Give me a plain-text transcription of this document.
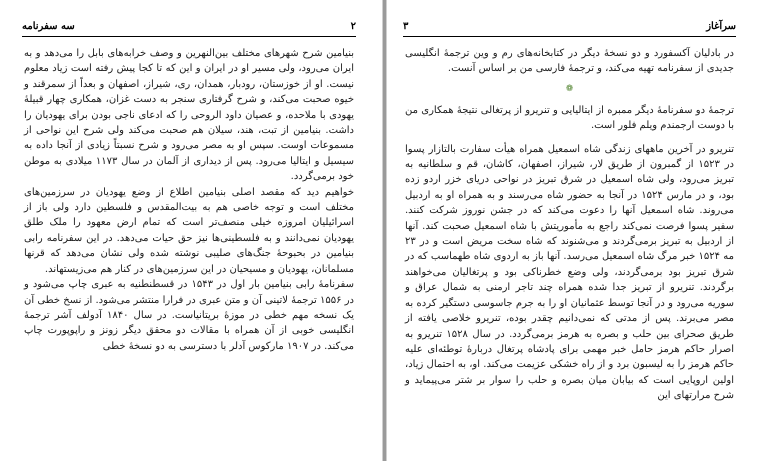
۲
سه سفرنامه

بنیامین شرح شهرهای مختلف بین‌النهرین و وصف خرابه‌های بابل را می‌دهد و به ایران می‌رود، ولی مسیر او در ایران و این که تا کجا پیش رفته است زیاد معلوم نیست. او از خوزستان، رودبار، همدان، ری، شیراز، اصفهان و بعداً از سمرقند و خیوه صحبت می‌کند، و شرح گرفتاری سنجر به دست غزان، همکاری چهار قبیلهٔ یهودی با ملاحده، و عصیان داود الروحی را که ادعای ناجی بودن برای یهودیان را داشت. بنیامین از تبت، هند، سیلان هم صحبت می‌کند ولی شرح این نواحی از مسموعات اوست. سپس او به مصر می‌رود و شرح نسبتاً زیادی از آنجا داده به سیسیل و ایتالیا می‌رود. پس از دیداری از آلمان در سال ۱۱۷۳ میلادی به موطن خود برمی‌گردد.

خواهیم دید که مقصد اصلی بنیامین اطلاع از وضع یهودیان در سرزمین‌های مختلف است و توجه خاصی هم به بیت‌المقدس و فلسطین دارد ولی باز از اسرائیلیان امروزه خیلی منصف‌تر است که تمام ارض معهود را ملک طلق یهودیان نمی‌دانند و به فلسطینی‌ها نیز حق حیات می‌دهد. در این سفرنامه رابی بنیامین در بحبوحهٔ جنگ‌های صلیبی نوشته شده ولی نشان می‌دهد که قرنها مسلمانان، یهودیان و مسیحیان در این سرزمین‌های در کنار هم می‌زیستهاند.

سفرنامهٔ رابی بنیامین بار اول در ۱۵۴۳ در قسطنطنیه به عبری چاپ می‌شود و در ۱۵۵۶ ترجمهٔ لاتینی آن و متن عبری در فرارا منتشر می‌شود. از نسخ خطی آن یک نسخه مهم خطی در موزهٔ بریتانیاست. در سال ۱۸۴۰ آدولف آشر ترجمهٔ انگلیسی خوبی از آن همراه با مقالات دو محقق دیگر زونز و راپوپورت چاپ می‌کند. در ۱۹۰۷ مارکوس آدلر با دسترسی به دو نسخهٔ خطی

سرآغاز
۳

در بادلیان آکسفورد و دو نسخهٔ دیگر در کتابخانه‌های رم و وین ترجمهٔ انگلیسی جدیدی از سفرنامه تهیه می‌کند، و ترجمهٔ فارسی من بر اساس آنست.

❁

ترجمهٔ دو سفرنامهٔ دیگر ممبره از ایتالیایی و تنریرو از پرتغالی نتیجهٔ همکاری من با دوست ارجمندم ویلم فلور است.

تنریرو در آخرین ماههای زندگی شاه اسمعیل همراه هیأت سفارت بالتازار پسوا در ۱۵۲۳ از گمبرون از طریق لار، شیراز، اصفهان، کاشان، قم و سلطانیه به تبریز می‌رود، ولی شاه اسمعیل در شرق تبریز در نواحی دریای خزر اردو زده بود، و در مارس ۱۵۲۴ در آنجا به حضور شاه می‌رسند و به همراه او به اردبیل می‌روند. شاه اسمعیل آنها را دعوت می‌کند که در جشن نوروز شرکت کنند. سفیر پسوا فرصت نمی‌کند راجع به مأموریتش با شاه اسمعیل صحبت کند. آنها از اردبیل به تبریز برمی‌گردند و می‌شنوند که شاه سخت مریض است و در ۲۳ مه ۱۵۲۴ خبر مرگ شاه اسمعیل می‌رسد. آنها باز به اردوی شاه طهماسب که در شرق تبریز بود برمی‌گردند، ولی وضع خطرناکی بود و پرتغالیان می‌خواهند برگردند. تنریرو از تبریز جدا شده همراه چند تاجر ارمنی به شمال عراق و سوریه می‌رود و در آنجا توسط عثمانیان او را به جرم جاسوسی دستگیر کرده به مصر می‌برند. پس از مدتی که نمی‌دانیم چقدر بوده، تنریرو خلاصی یافته از طریق صحرای بین حلب و بصره به هرمز برمی‌گردد. در سال ۱۵۲۸ تنریرو به اصرار حاکم هرمز حامل خبر مهمی برای پادشاه پرتغال دربارهٔ توطئه‌ای علیه حاکم هرمز را به لیسبون برد و از راه خشکی عزیمت می‌کند. او، به احتمال زیاد، اولین اروپایی است که بیابان میان بصره و حلب را سوار بر شتر می‌پیماید و شرح مرارتهای این
